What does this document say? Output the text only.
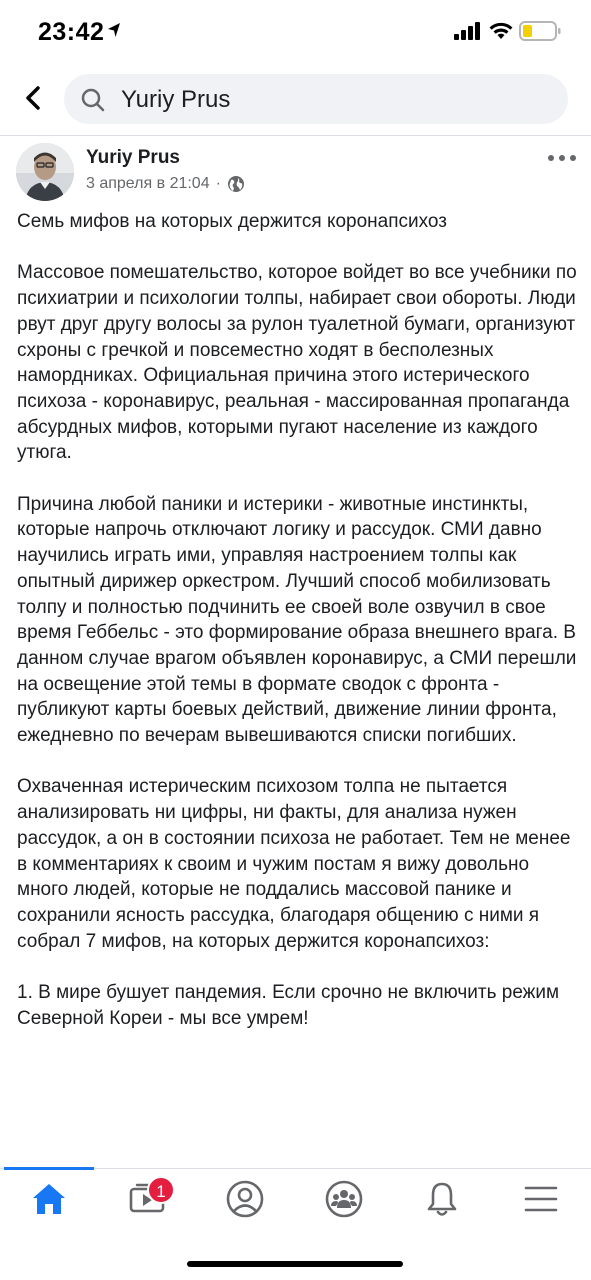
23:42
Yuriy Prus
Yuriy Prus
3 апреля в 21:04 ·

Семь мифов на которых держится коронапсихоз

Массовое помешательство, которое войдет во все учебники по психиатрии и психологии толпы, набирает свои обороты. Люди рвут друг другу волосы за рулон туалетной бумаги, организуют схроны с гречкой и повсеместно ходят в бесполезных намордниках. Официальная причина этого истерического психоза - коронавирус, реальная - массированная пропаганда абсурдных мифов, которыми пугают население из каждого утюга.

Причина любой паники и истерики - животные инстинкты, которые напрочь отключают логику и рассудок. СМИ давно научились играть ими, управляя настроением толпы как опытный дирижер оркестром. Лучший способ мобилизовать толпу и полностью подчинить ее своей воле озвучил в свое время Геббельс - это формирование образа внешнего врага. В данном случае врагом объявлен коронавирус, а СМИ перешли на освещение этой темы в формате сводок с фронта - публикуют карты боевых действий, движение линии фронта, ежедневно по вечерам вывешиваются списки погибших.

Охваченная истерическим психозом толпа не пытается анализировать ни цифры, ни факты, для анализа нужен рассудок, а он в состоянии психоза не работает. Тем не менее в комментариях к своим и чужим постам я вижу довольно много людей, которые не поддались массовой панике и сохранили ясность рассудка, благодаря общению с ними я собрал 7 мифов, на которых держится коронапсихоз:

1. В мире бушует пандемия. Если срочно не включить режим Северной Кореи - мы все умрем!

1
